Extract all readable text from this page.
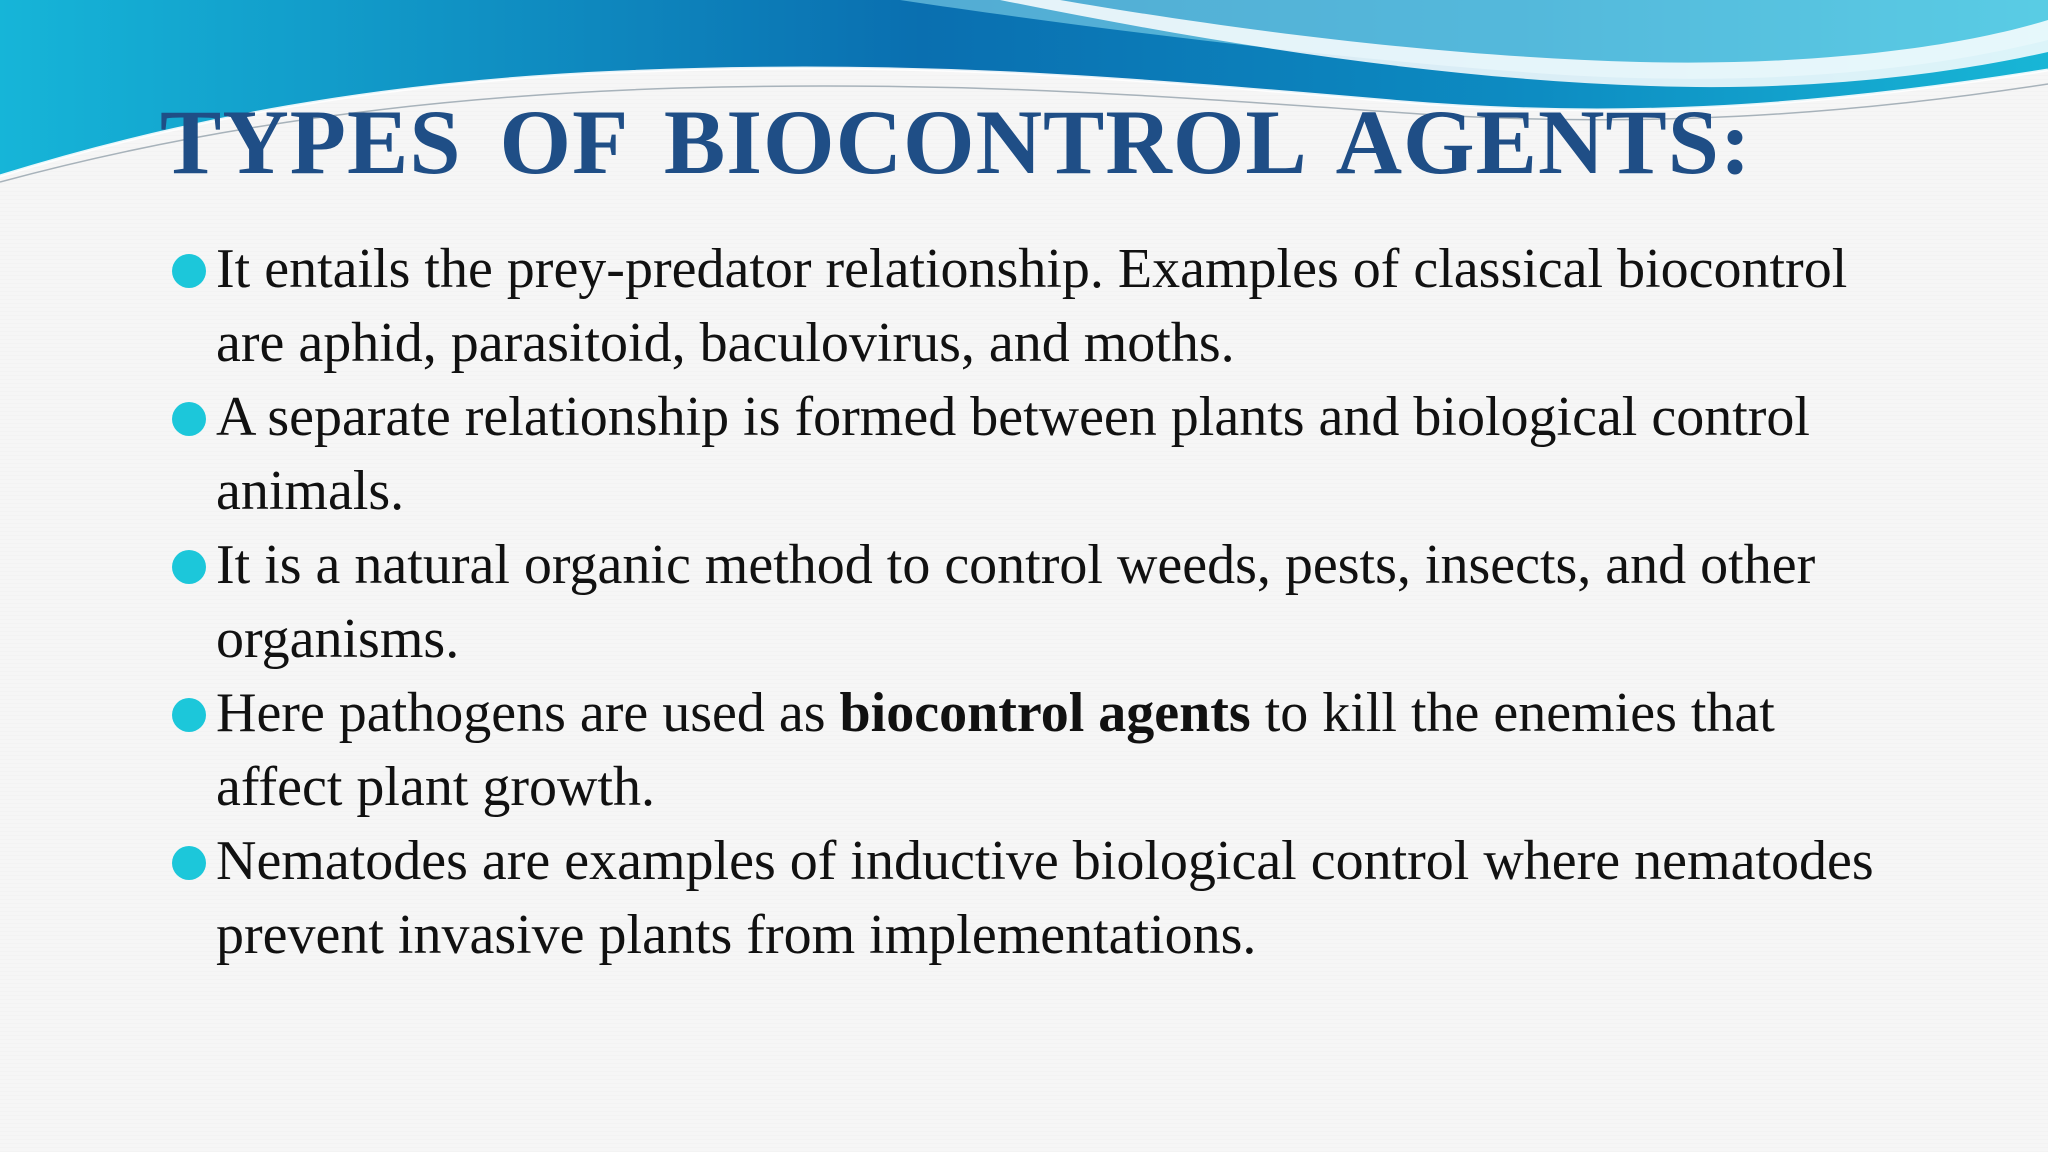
TYPES OF BIOCONTROL AGENTS:
It entails the prey-predator relationship. Examples of classical biocontrol are aphid, parasitoid, baculovirus, and moths.
A separate relationship is formed between plants and biological control animals.
It is a natural organic method to control weeds, pests, insects, and other organisms.
Here pathogens are used as biocontrol agents to kill the enemies that affect plant growth.
Nematodes are examples of inductive biological control where nematodes prevent invasive plants from implementations.
